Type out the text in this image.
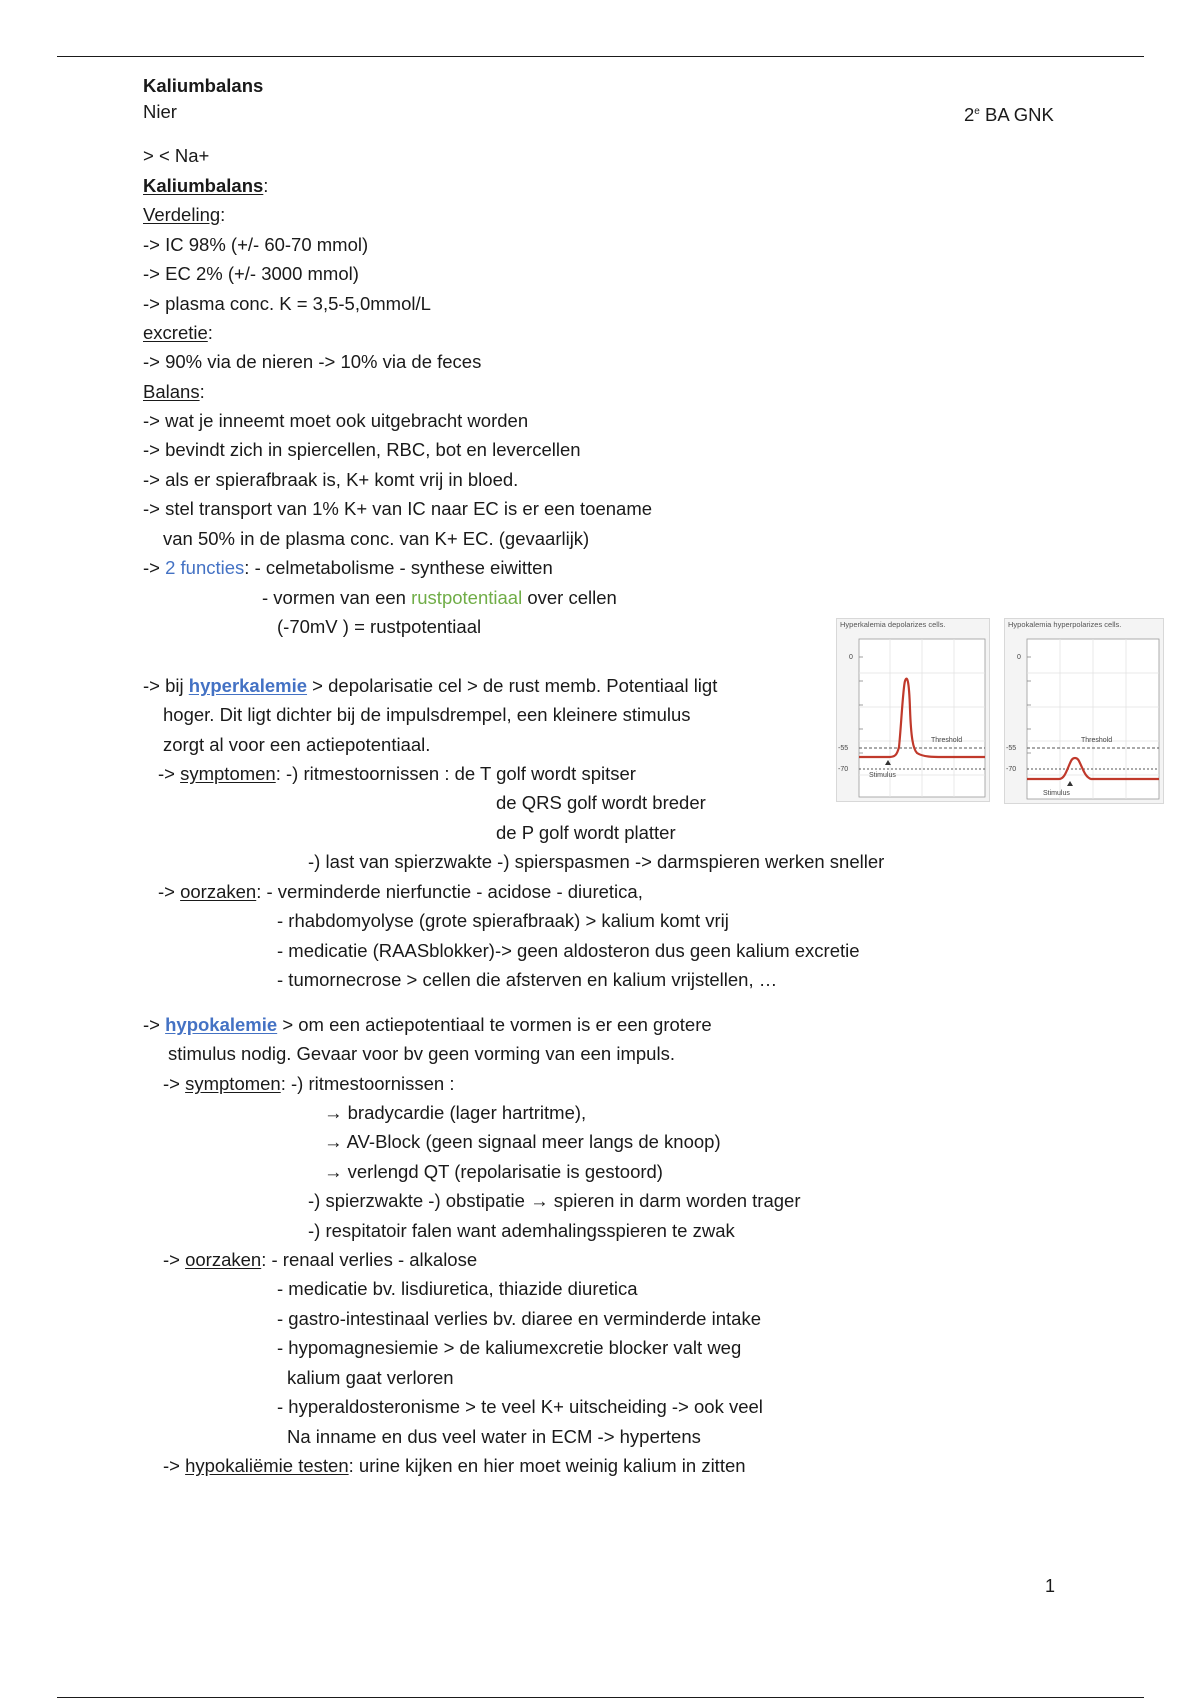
Kaliumbalans
Nier	2e BA GNK
> < Na+
Kaliumbalans:
Verdeling:
-> IC 98% (+/- 60-70 mmol)
-> EC 2% (+/- 3000 mmol)
-> plasma conc. K = 3,5-5,0mmol/L
excretie:
-> 90% via de nieren -> 10% via de feces
Balans:
-> wat je inneemt moet ook uitgebracht worden
-> bevindt zich in spiercellen, RBC, bot en levercellen
-> als er spierafbraak is, K+ komt vrij in bloed.
-> stel transport van 1% K+ van IC naar EC is er een toename
van 50% in de plasma conc. van K+ EC. (gevaarlijk)
-> 2 functies: - celmetabolisme - synthese eiwitten
- vormen van een rustpotentiaal over cellen
(-70mV ) = rustpotentiaal
-> bij hyperkalemie > depolarisatie cel > de rust memb. Potentiaal ligt
hoger. Dit ligt dichter bij de impulsdrempel, een kleinere stimulus
zorgt al voor een actiepotentiaal.
-> symptomen: -) ritmestoornissen : de T golf wordt spitser
de QRS golf wordt breder
de P golf wordt platter
-) last van spierzwakte -) spierspasmen -> darmspieren werken sneller
-> oorzaken: - verminderde nierfunctie - acidose - diuretica,
- rhabdomyolyse (grote spierafbraak) > kalium komt vrij
- medicatie (RAASblokker)-> geen aldosteron dus geen kalium excretie
- tumornecrose > cellen die afsterven en kalium vrijstellen, …
-> hypokalemie > om een actiepotentiaal te vormen is er een grotere
stimulus nodig. Gevaar voor bv geen vorming van een impuls.
-> symptomen: -) ritmestoornissen :
→ bradycardie (lager hartritme),
→ AV-Block (geen signaal meer langs de knoop)
→ verlengd QT (repolarisatie is gestoord)
-) spierzwakte -) obstipatie → spieren in darm worden trager
-) respitatoir falen want ademhalingsspieren te zwak
-> oorzaken: - renaal verlies - alkalose
- medicatie bv. lisdiuretica, thiazide diuretica
- gastro-intestinaal verlies bv. diaree en verminderde intake
- hypomagnesiemie > de kaliumexcretie blocker valt weg
kalium gaat verloren
- hyperaldosteronisme > te veel K+ uitscheiding -> ook veel
Na inname en dus veel water in ECM -> hypertens
-> hypokaliëmie testen: urine kijken en hier moet weinig kalium in zitten
Hyperkalemia depolarizes cells.
0
-55
-70
Threshold
Stimulus
Hypokalemia hyperpolarizes cells.
0
-55
-70
Threshold
Stimulus
1
